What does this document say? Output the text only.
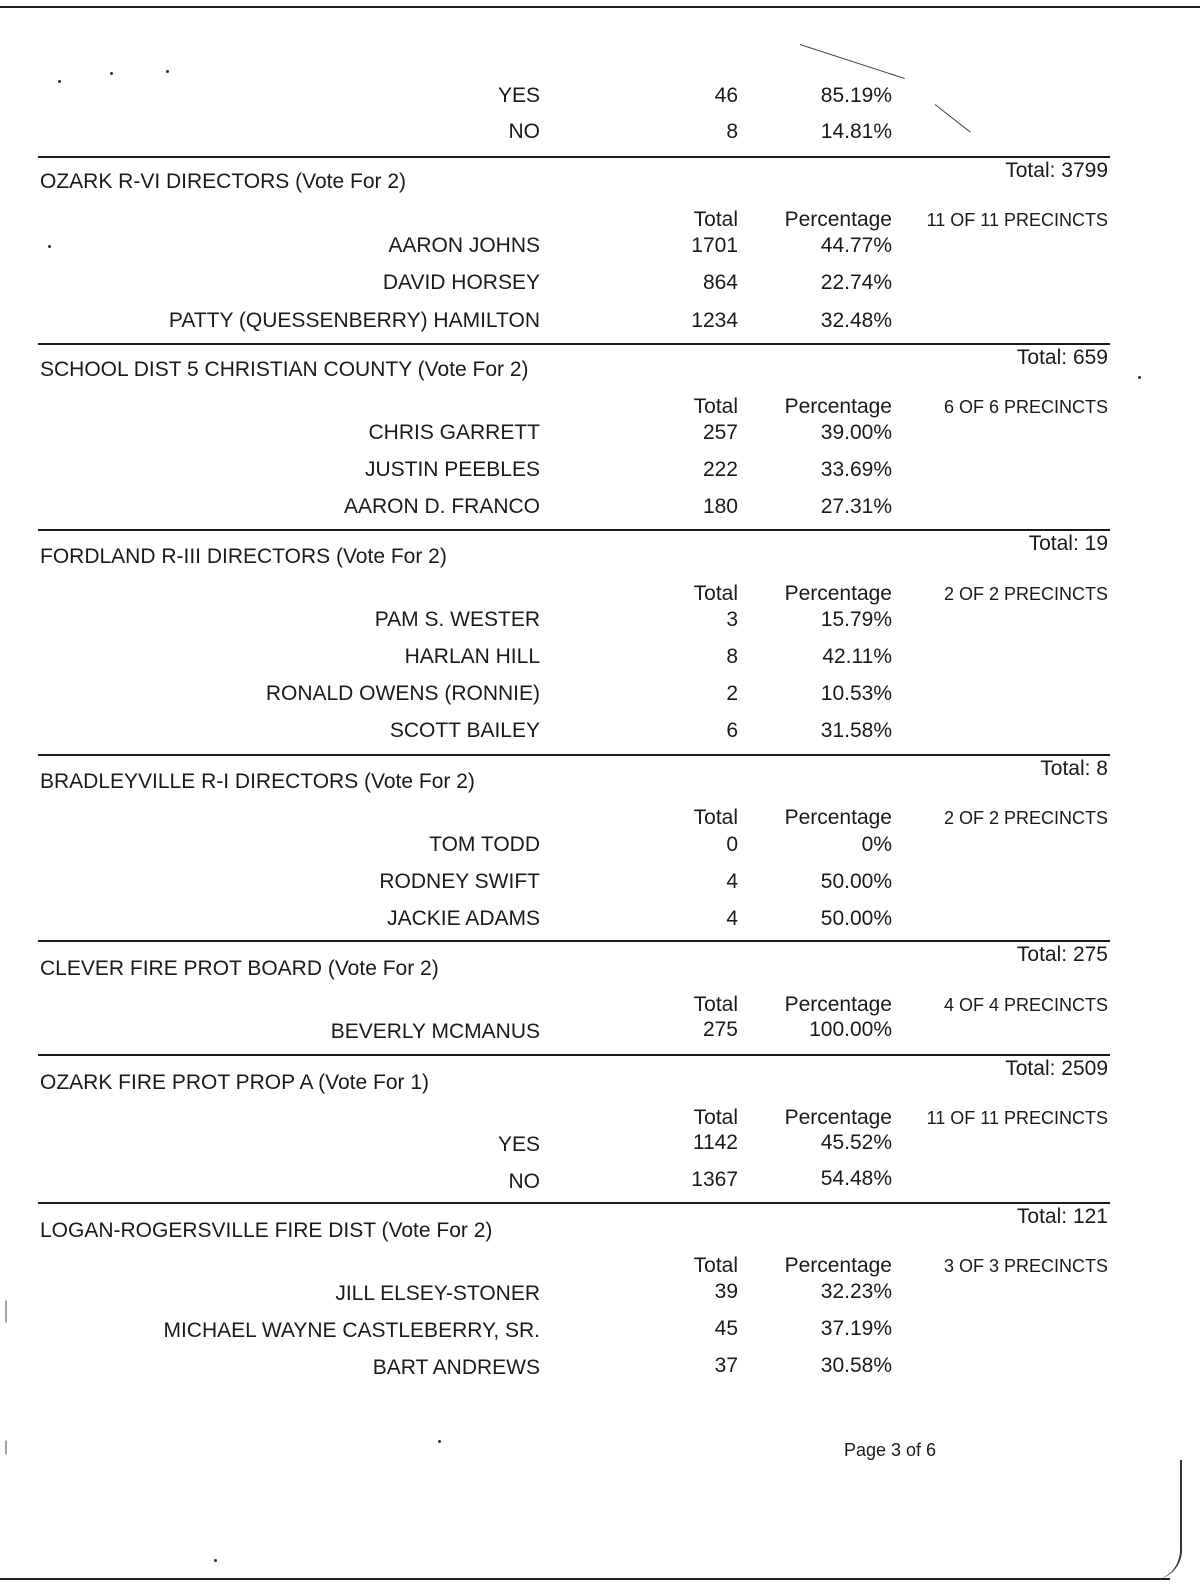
YES	46	85.19%
NO	8	14.81%
Total: 3799
OZARK R-VI DIRECTORS (Vote For 2)
Total	Percentage	11 OF 11 PRECINCTS
AARON JOHNS	1701	44.77%
DAVID HORSEY	864	22.74%
PATTY (QUESSENBERRY) HAMILTON	1234	32.48%
Total: 659
SCHOOL DIST 5 CHRISTIAN COUNTY (Vote For 2)
Total	Percentage	6 OF 6 PRECINCTS
CHRIS GARRETT	257	39.00%
JUSTIN PEEBLES	222	33.69%
AARON D. FRANCO	180	27.31%
Total: 19
FORDLAND R-III DIRECTORS (Vote For 2)
Total	Percentage	2 OF 2 PRECINCTS
PAM S. WESTER	3	15.79%
HARLAN HILL	8	42.11%
RONALD OWENS (RONNIE)	2	10.53%
SCOTT BAILEY	6	31.58%
Total: 8
BRADLEYVILLE R-I DIRECTORS (Vote For 2)
Total	Percentage	2 OF 2 PRECINCTS
TOM TODD	0	0%
RODNEY SWIFT	4	50.00%
JACKIE ADAMS	4	50.00%
Total: 275
CLEVER FIRE PROT BOARD (Vote For 2)
Total	Percentage	4 OF 4 PRECINCTS
BEVERLY MCMANUS	275	100.00%
Total: 2509
OZARK FIRE PROT PROP A (Vote For 1)
Total	Percentage	11 OF 11 PRECINCTS
YES	1142	45.52%
NO	1367	54.48%
Total: 121
LOGAN-ROGERSVILLE FIRE DIST (Vote For 2)
Total	Percentage	3 OF 3 PRECINCTS
JILL ELSEY-STONER	39	32.23%
MICHAEL WAYNE CASTLEBERRY, SR.	45	37.19%
BART ANDREWS	37	30.58%
Page 3 of 6
